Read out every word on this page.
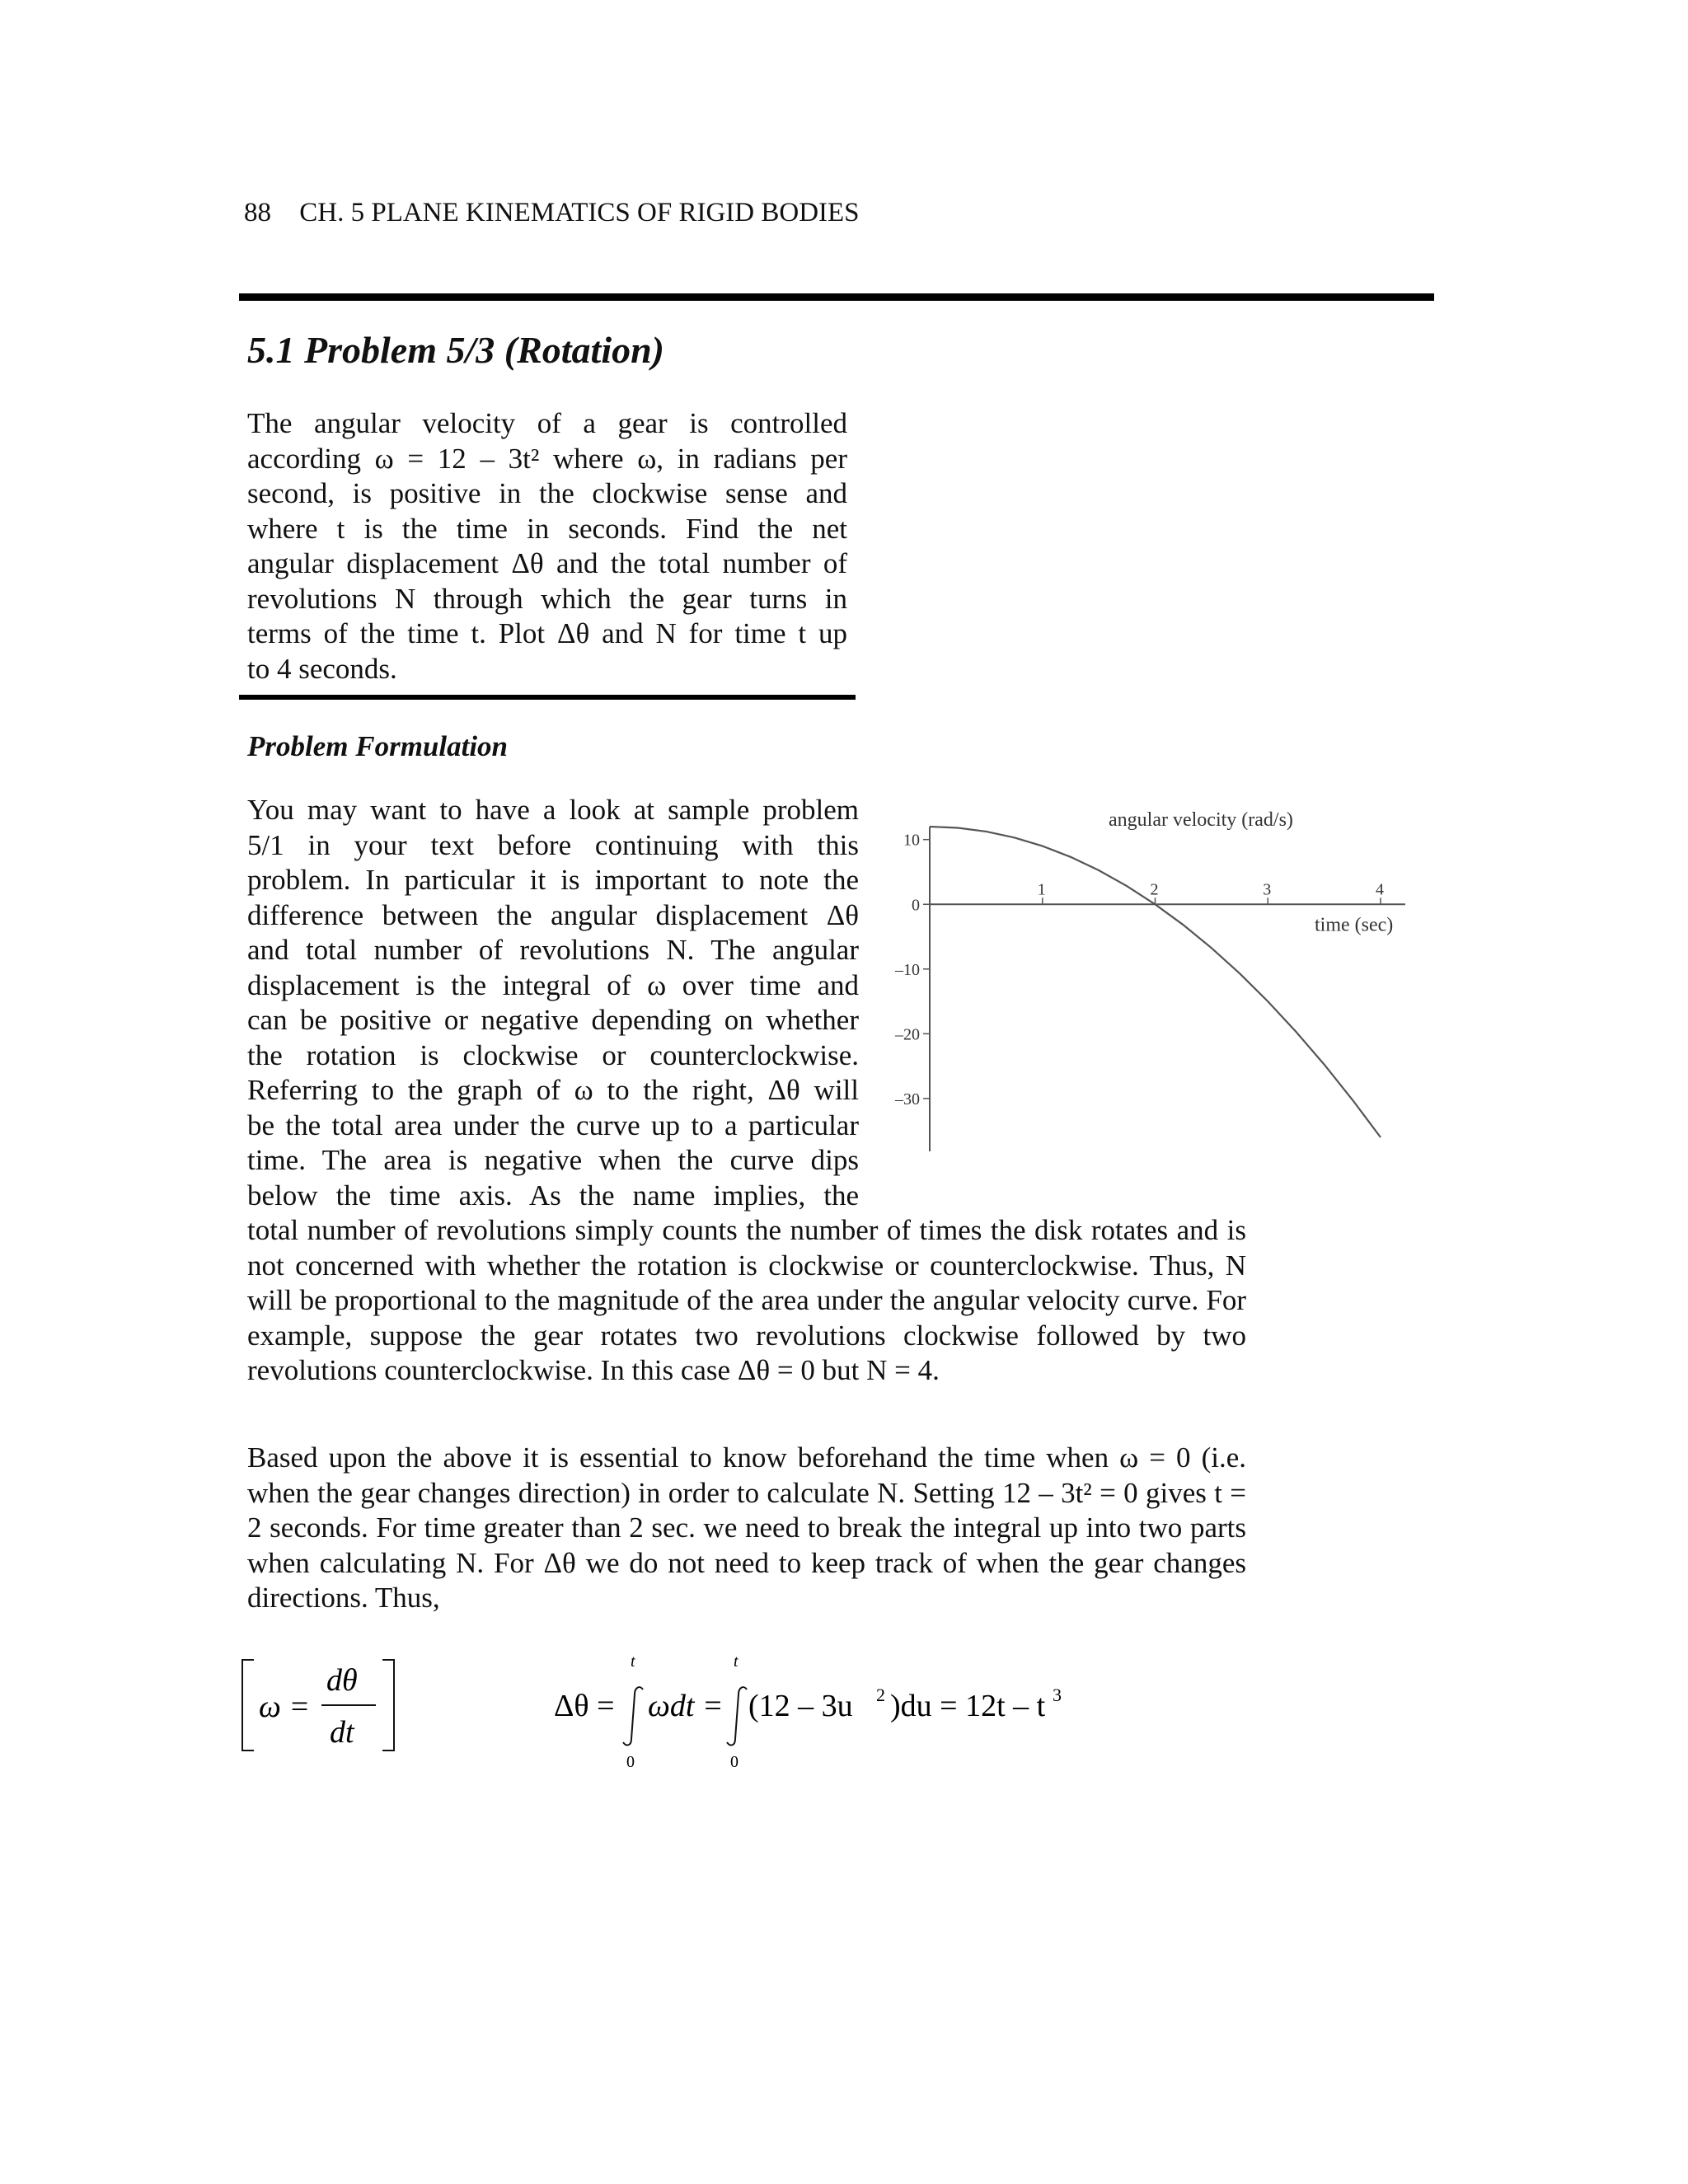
88 CH. 5 PLANE KINEMATICS OF RIGID BODIES
5.1 Problem 5/3 (Rotation)
The angular velocity of a gear is controlled
according ω = 12 – 3t² where ω, in radians per
second, is positive in the clockwise sense and
where t is the time in seconds. Find the net
angular displacement Δθ and the total number of
revolutions N through which the gear turns in
terms of the time t. Plot Δθ and N for time t up
to 4 seconds.
Problem Formulation
You may want to have a look at sample problem
5/1 in your text before continuing with this
problem. In particular it is important to note the
difference between the angular displacement Δθ
and total number of revolutions N. The angular
displacement is the integral of ω over time and
can be positive or negative depending on whether
the rotation is clockwise or counterclockwise.
Referring to the graph of ω to the right, Δθ will
be the total area under the curve up to a particular
time. The area is negative when the curve dips
below the time axis. As the name implies, the
total number of revolutions simply counts the number of times the disk rotates and is not concerned with whether the rotation is clockwise or counterclockwise. Thus, N will be proportional to the magnitude of the area under the angular velocity curve. For example, suppose the gear rotates two revolutions clockwise followed by two revolutions counterclockwise. In this case Δθ = 0 but N = 4.
Based upon the above it is essential to know beforehand the time when ω = 0 (i.e. when the gear changes direction) in order to calculate N. Setting 12 – 3t² = 0 gives t = 2 seconds. For time greater than 2 sec. we need to break the integral up into two parts when calculating N. For Δθ we do not need to keep track of when the gear changes directions. Thus,
angular velocity (rad/s)
time (sec)
1	2	3	4
10
0
–10
–20
–30
ω =
dθ
dt
Δθ =
t
0
ωdt =
t
0
(12 – 3u 2 )du = 12t – t 3
